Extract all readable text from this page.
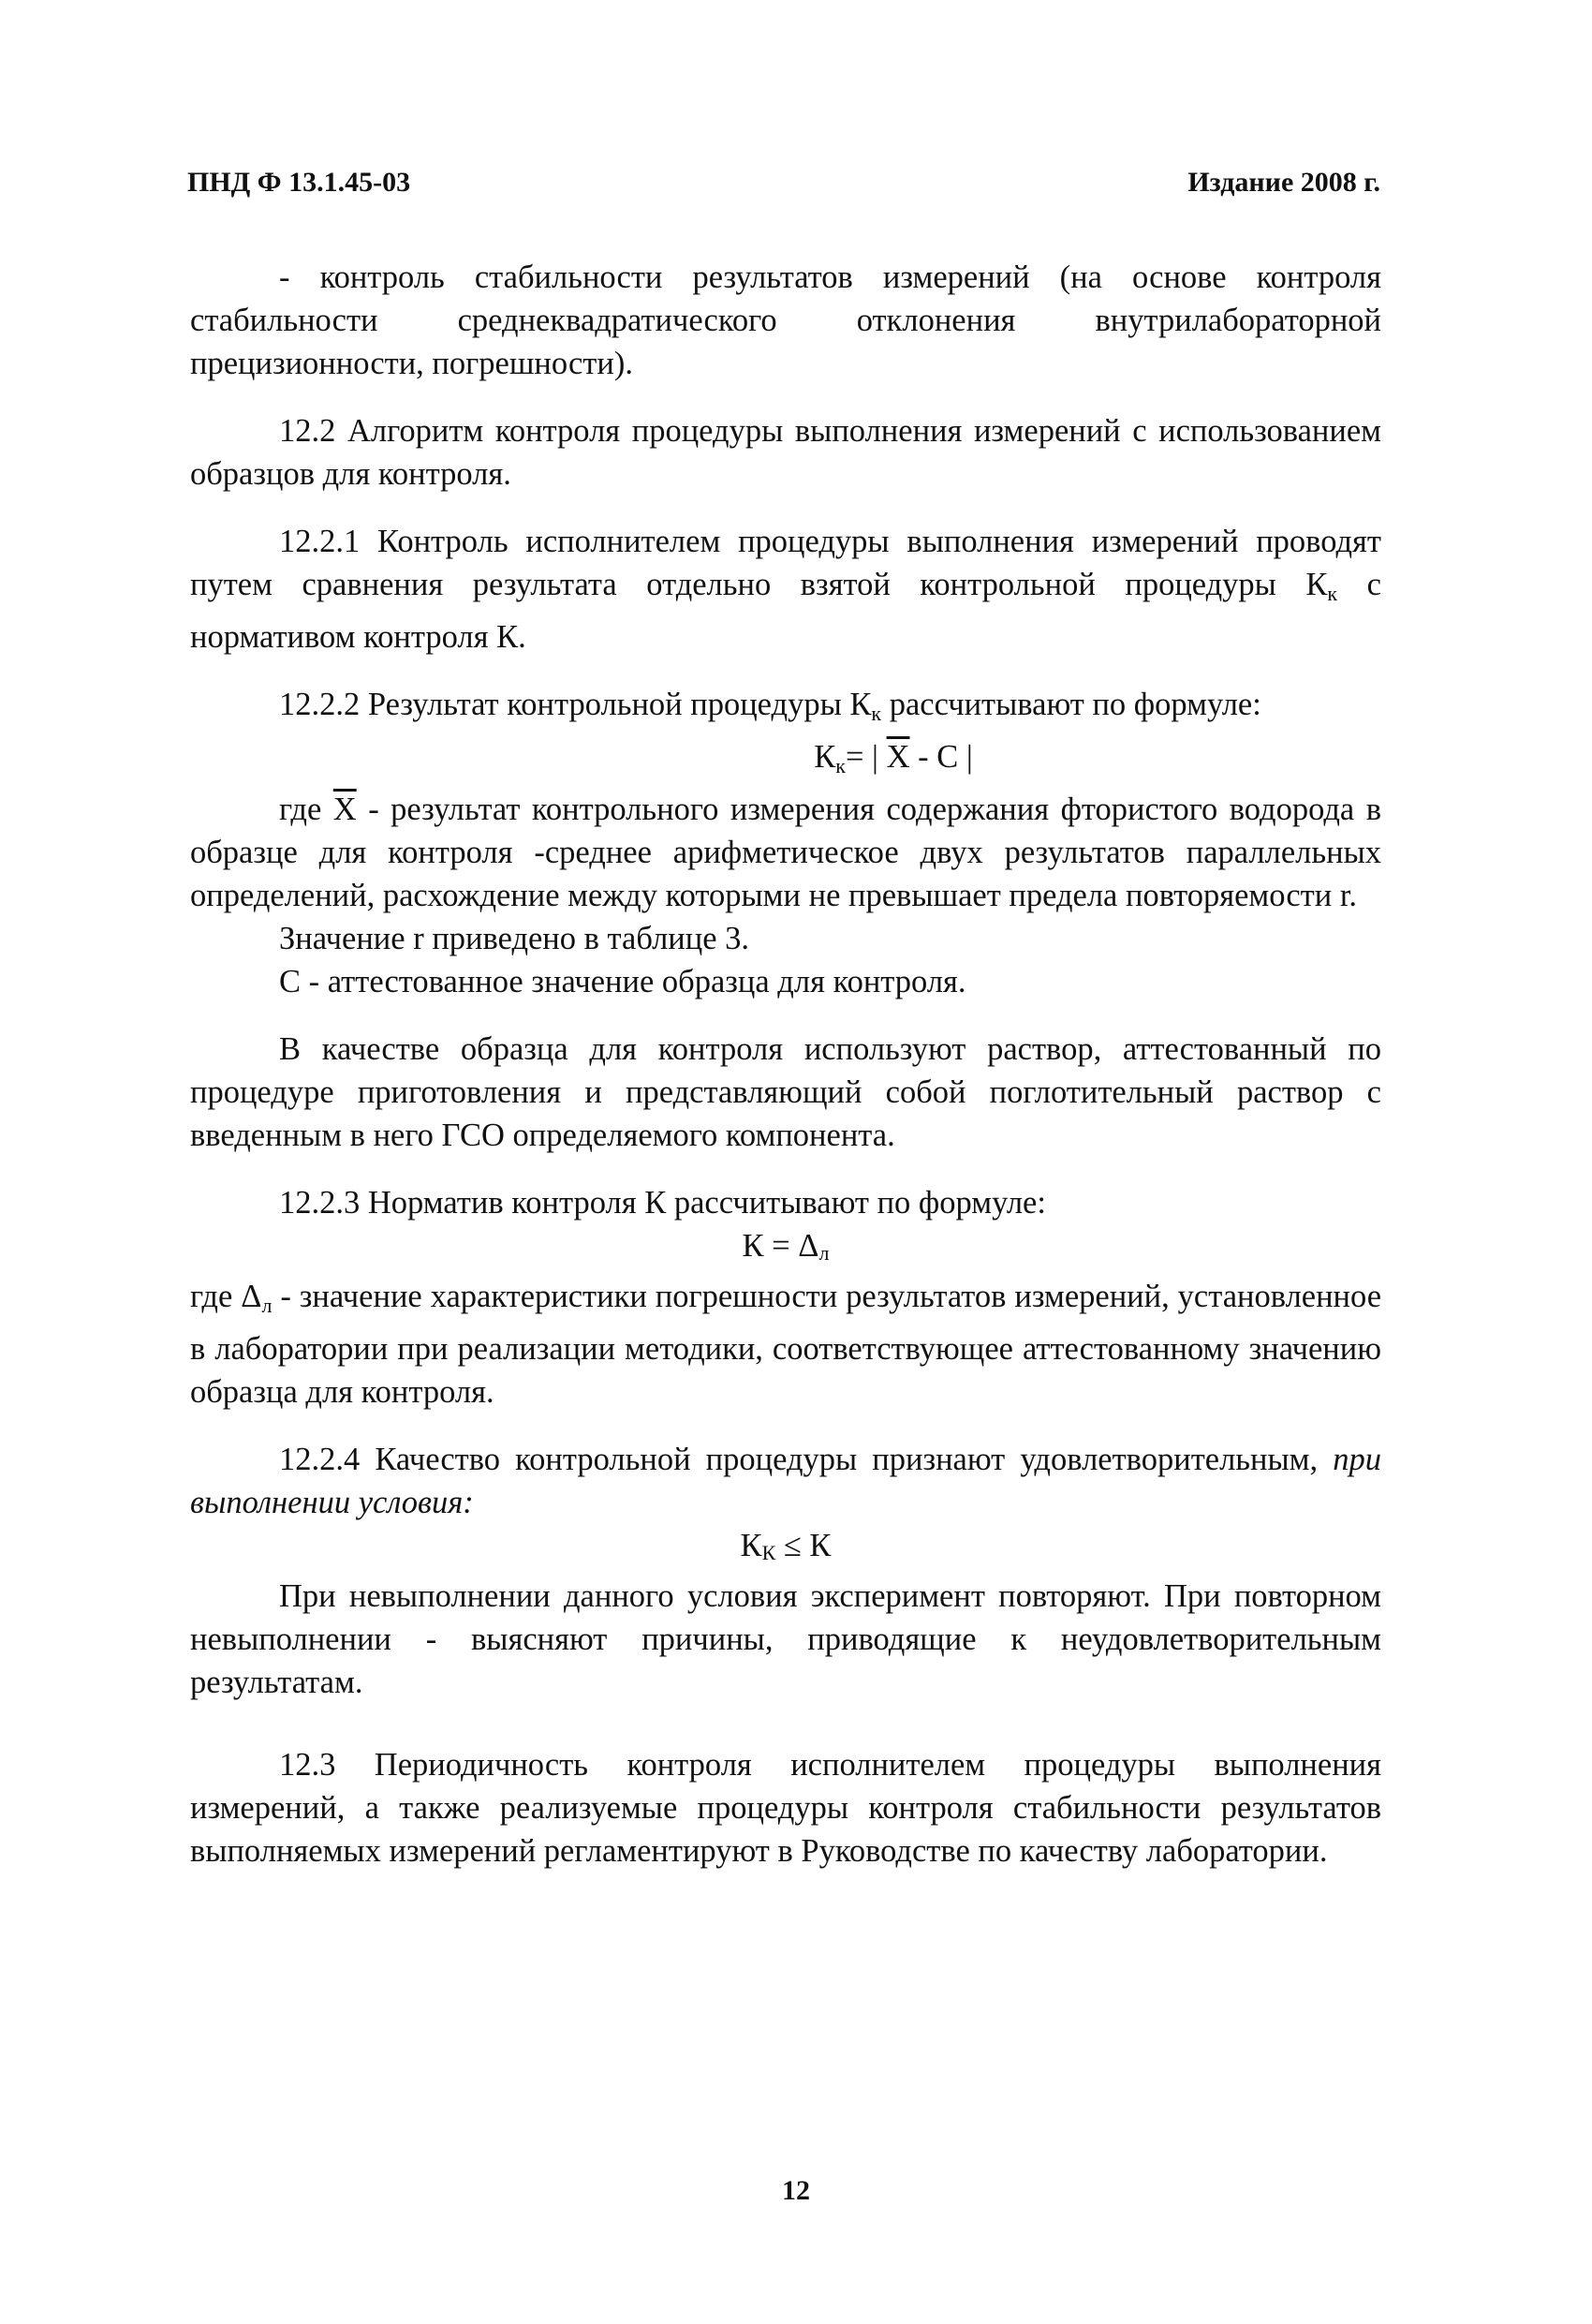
ПНД Ф 13.1.45-03	Издание 2008 г.

- контроль стабильности результатов измерений (на основе контроля стабильности среднеквадратического отклонения внутрилабораторной прецизионности, погрешности).

12.2 Алгоритм контроля процедуры выполнения измерений с использованием образцов для контроля.

12.2.1 Контроль исполнителем процедуры выполнения измерений проводят путем сравнения результата отдельно взятой контрольной процедуры $К_к$ с нормативом контроля К.

12.2.2 Результат контрольной процедуры $К_к$ рассчитывают по формуле:

$К_к=$ | $\overline{X}$ - С |

где $\overline{X}$ - результат контрольного измерения содержания фтористого водорода в образце для контроля -среднее арифметическое двух результатов параллельных определений, расхождение между которыми не превышает предела повторяемости r.

Значение r приведено в таблице 3.

С - аттестованное значение образца для контроля.

В качестве образца для контроля используют раствор, аттестованный по процедуре приготовления и представляющий собой поглотительный раствор с введенным в него ГСО определяемого компонента.

12.2.3 Норматив контроля К рассчитывают по формуле:

К = Δл

где $\Delta_л$ - значение характеристики погрешности результатов измерений, установленное в лаборатории при реализации методики, соответствующее аттестованному значению образца для контроля.

12.2.4 Качество контрольной процедуры признают удовлетворительным, при выполнении условия:

КК ≤ К

При невыполнении данного условия эксперимент повторяют. При повторном невыполнении - выясняют причины, приводящие к неудовлетворительным результатам.

12.3 Периодичность контроля исполнителем процедуры выполнения измерений, а также реализуемые процедуры контроля стабильности результатов выполняемых измерений регламентируют в Руководстве по качеству лаборатории.

12
